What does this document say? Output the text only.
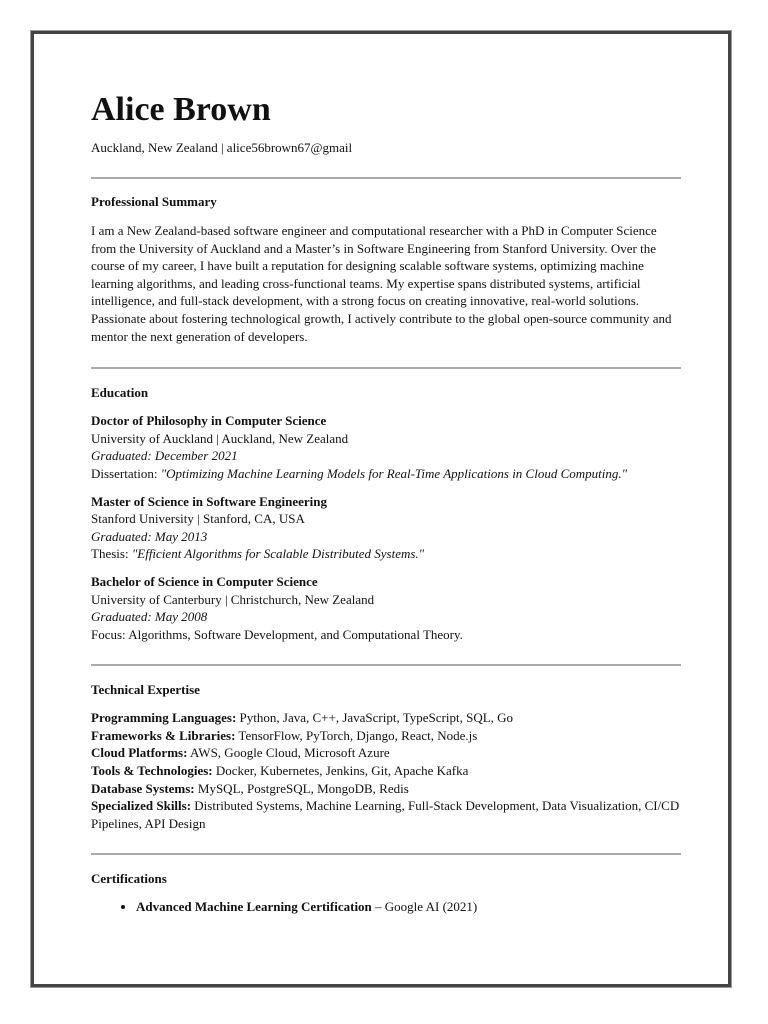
Alice Brown
Auckland, New Zealand | alice56brown67@gmail
Professional Summary

I am a New Zealand-based software engineer and computational researcher with a PhD in Computer Science from the University of Auckland and a Master’s in Software Engineering from Stanford University. Over the course of my career, I have built a reputation for designing scalable software systems, optimizing machine learning algorithms, and leading cross-functional teams. My expertise spans distributed systems, artificial intelligence, and full-stack development, with a strong focus on creating innovative, real-world solutions. Passionate about fostering technological growth, I actively contribute to the global open-source community and mentor the next generation of developers.

Education
Doctor of Philosophy in Computer Science
University of Auckland | Auckland, New Zealand
Graduated: December 2021
Dissertation: "Optimizing Machine Learning Models for Real-Time Applications in Cloud Computing."
Master of Science in Software Engineering
Stanford University | Stanford, CA, USA
Graduated: May 2013
Thesis: "Efficient Algorithms for Scalable Distributed Systems."
Bachelor of Science in Computer Science
University of Canterbury | Christchurch, New Zealand
Graduated: May 2008
Focus: Algorithms, Software Development, and Computational Theory.
Technical Expertise
Programming Languages: Python, Java, C++, JavaScript, TypeScript, SQL, Go
Frameworks & Libraries: TensorFlow, PyTorch, Django, React, Node.js
Cloud Platforms: AWS, Google Cloud, Microsoft Azure
Tools & Technologies: Docker, Kubernetes, Jenkins, Git, Apache Kafka
Database Systems: MySQL, PostgreSQL, MongoDB, Redis
Specialized Skills: Distributed Systems, Machine Learning, Full-Stack Development, Data Visualization, CI/CD Pipelines, API Design
Certifications
• Advanced Machine Learning Certification – Google AI (2021)
